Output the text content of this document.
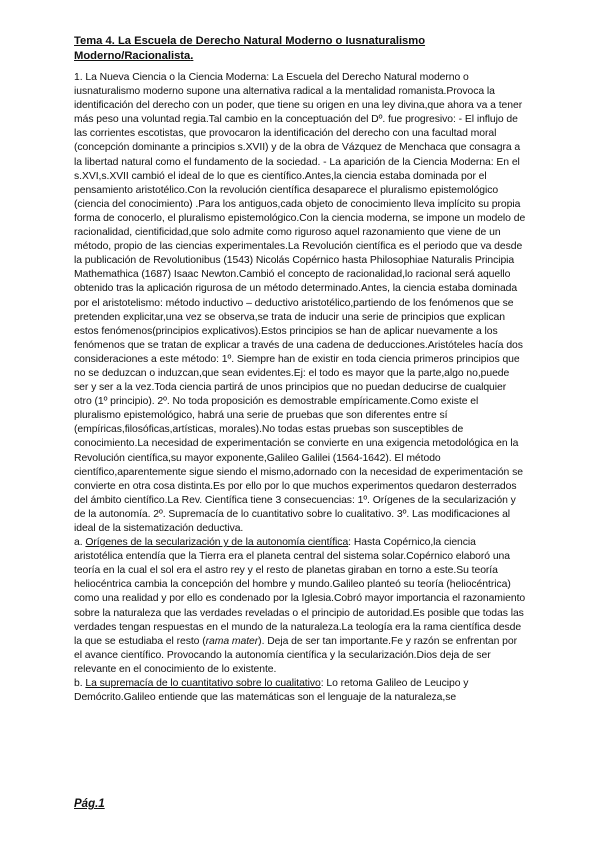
Tema 4. La Escuela de Derecho Natural Moderno o Iusnaturalismo Moderno/Racionalista.

1. La Nueva Ciencia o la Ciencia Moderna: La Escuela del Derecho Natural moderno o iusnaturalismo moderno supone una alternativa radical a la mentalidad romanista.Provoca la identificación del derecho con un poder, que tiene su origen en una ley divina,que ahora va a tener más peso una voluntad regia.Tal cambio en la conceptuación del Dº. fue progresivo: - El influjo de las corrientes escotistas, que provocaron la identificación del derecho con una facultad moral (concepción dominante a principios s.XVII) y de la obra de Vázquez de Menchaca que consagra a la libertad natural como el fundamento de la sociedad. - La aparición de la Ciencia Moderna: En el s.XVI,s.XVII cambió el ideal de lo que es científico.Antes,la ciencia estaba dominada por el pensamiento aristotélico.Con la revolución científica desaparece el pluralismo epistemológico (ciencia del conocimiento) .Para los antiguos,cada objeto de conocimiento lleva implícito su propia forma de conocerlo, el pluralismo epistemológico.Con la ciencia moderna, se impone un modelo de racionalidad, cientificidad,que solo admite como riguroso aquel razonamiento que viene de un método, propio de las ciencias experimentales.La Revolución científica es el periodo que va desde la publicación de Revolutionibus (1543) Nicolás Copérnico hasta Philosophiae Naturalis Principia Mathemathica (1687) Isaac Newton.Cambió el concepto de racionalidad,lo racional será aquello obtenido tras la aplicación rigurosa de un método determinado.Antes, la ciencia estaba dominada por el aristotelismo: método inductivo – deductivo aristotélico,partiendo de los fenómenos que se pretenden explicitar,una vez se observa,se trata de inducir una serie de principios que explican estos fenómenos(principios explicativos).Estos principios se han de aplicar nuevamente a los fenómenos que se tratan de explicar a través de una cadena de deducciones.Aristóteles hacía dos consideraciones a este método: 1º. Siempre han de existir en toda ciencia primeros principios que no se deduzcan o induzcan,que sean evidentes.Ej: el todo es mayor que la parte,algo no,puede ser y ser a la vez.Toda ciencia partirá de unos principios que no puedan deducirse de cualquier otro (1º principio). 2º. No toda proposición es demostrable empíricamente.Como existe el pluralismo epistemológico, habrá una serie de pruebas que son diferentes entre sí (empíricas,filosóficas,artísticas, morales).No todas estas pruebas son susceptibles de conocimiento.La necesidad de experimentación se convierte en una exigencia metodológica en la Revolución científica,su mayor exponente,Galileo Galilei (1564-1642). El método científico,aparentemente sigue siendo el mismo,adornado con la necesidad de experimentación se convierte en otra cosa distinta.Es por ello por lo que muchos experimentos quedaron desterrados del ámbito científico.La Rev. Científica tiene 3 consecuencias: 1º. Orígenes de la secularización y de la autonomía. 2º. Supremacía de lo cuantitativo sobre lo cualitativo. 3º. Las modificaciones al ideal de la sistematización deductiva.

a. Orígenes de la secularización y de la autonomía científica: Hasta Copérnico,la ciencia aristotélica entendía que la Tierra era el planeta central del sistema solar.Copérnico elaboró una teoría en la cual el sol era el astro rey y el resto de planetas giraban en torno a este.Su teoría heliocéntrica cambia la concepción del hombre y mundo.Galileo planteó su teoría (heliocéntrica) como una realidad y por ello es condenado por la Iglesia.Cobró mayor importancia el razonamiento sobre la naturaleza que las verdades reveladas o el principio de autoridad.Es posible que todas las verdades tengan respuestas en el mundo de la naturaleza.La teología era la rama científica desde la que se estudiaba el resto (rama mater). Deja de ser tan importante.Fe y razón se enfrentan por el avance científico. Provocando la autonomía científica y la secularización.Dios deja de ser relevante en el conocimiento de lo existente.

b. La supremacía de lo cuantitativo sobre lo cualitativo: Lo retoma Galileo de Leucipo y Demócrito.Galileo entiende que las matemáticas son el lenguaje de la naturaleza,se

Pág.1
